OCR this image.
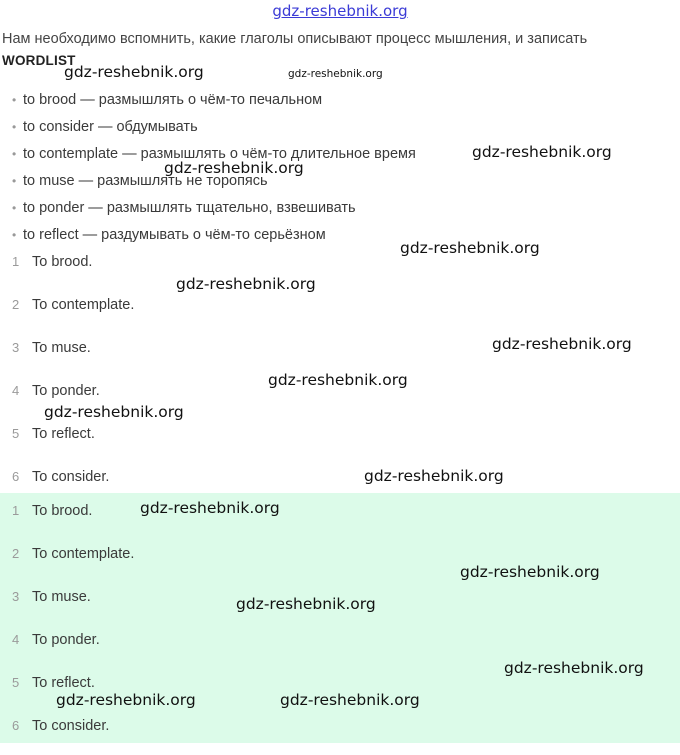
gdz-reshebnik.org
Нам необходимо вспомнить, какие глаголы описывают процесс мышления, и записать
WORDLIST
• to brood — размышлять о чём-то печальном
• to consider — обдумывать
• to contemplate — размышлять о чём-то длительное время
• to muse — размышлять не торопясь
• to ponder — размышлять тщательно, взвешивать
• to reflect — раздумывать о чём-то серьёзном
1 To brood.
2 To contemplate.
3 To muse.
4 To ponder.
5 To reflect.
6 To consider.
1 To brood.
2 To contemplate.
3 To muse.
4 To ponder.
5 To reflect.
6 To consider.
gdz-reshebnik.org	gdz-reshebnik.org
gdz-reshebnik.org
gdz-reshebnik.org
gdz-reshebnik.org
gdz-reshebnik.org
gdz-reshebnik.org
gdz-reshebnik.org
gdz-reshebnik.org
gdz-reshebnik.org
gdz-reshebnik.org
gdz-reshebnik.org
gdz-reshebnik.org
gdz-reshebnik.org
gdz-reshebnik.org	gdz-reshebnik.org
